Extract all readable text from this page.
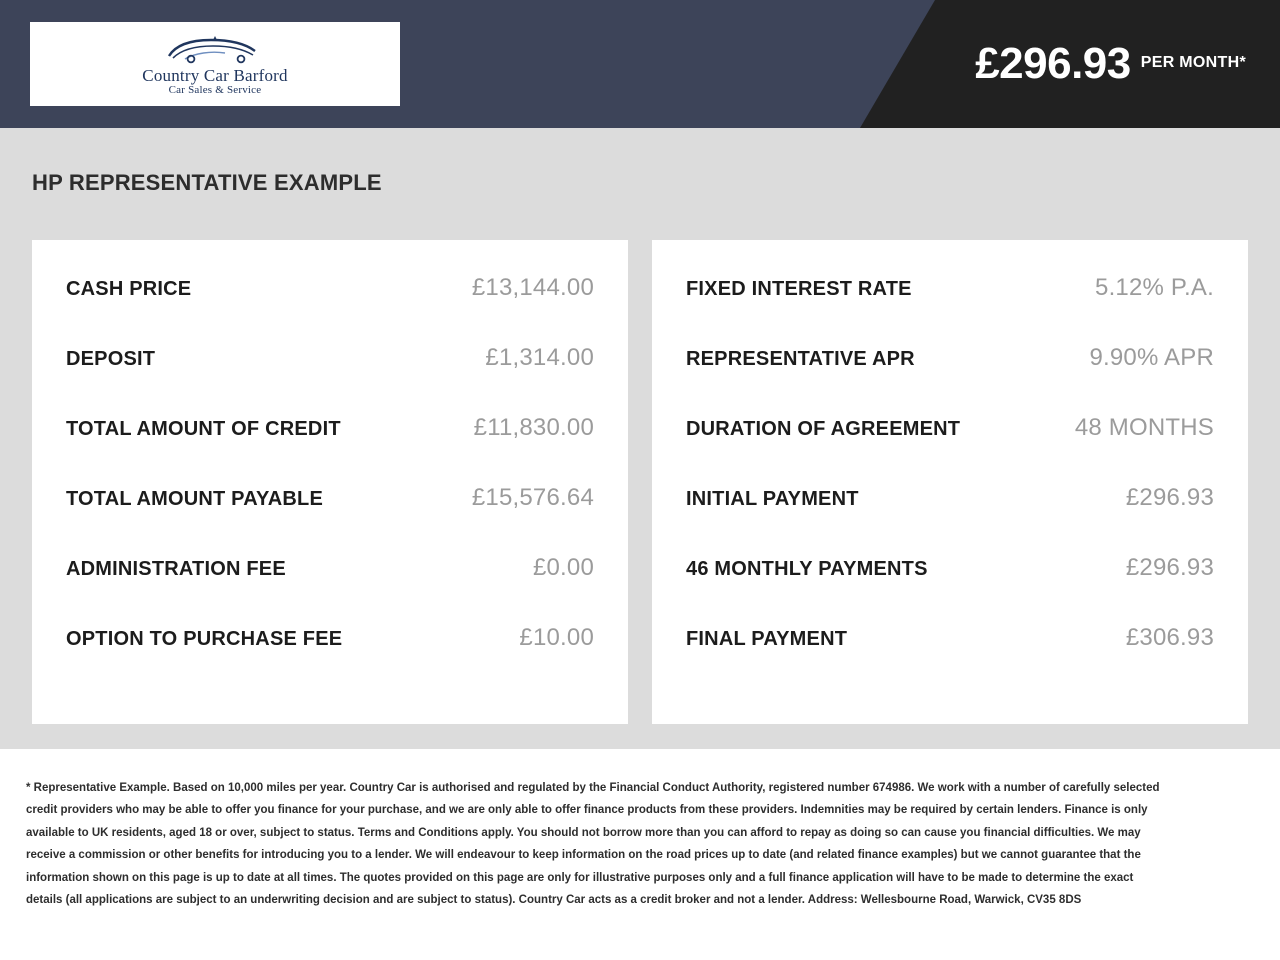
Country Car Barford
Car Sales & Service
£296.93 PER MONTH*
HP REPRESENTATIVE EXAMPLE
CASH PRICE	£13,144.00
DEPOSIT	£1,314.00
TOTAL AMOUNT OF CREDIT	£11,830.00
TOTAL AMOUNT PAYABLE	£15,576.64
ADMINISTRATION FEE	£0.00
OPTION TO PURCHASE FEE	£10.00
FIXED INTEREST RATE	5.12% P.A.
REPRESENTATIVE APR	9.90% APR
DURATION OF AGREEMENT	48 MONTHS
INITIAL PAYMENT	£296.93
46 MONTHLY PAYMENTS	£296.93
FINAL PAYMENT	£306.93

* Representative Example. Based on 10,000 miles per year. Country Car is authorised and regulated by the Financial Conduct Authority, registered number 674986. We work with a number of carefully selected credit providers who may be able to offer you finance for your purchase, and we are only able to offer finance products from these providers. Indemnities may be required by certain lenders. Finance is only available to UK residents, aged 18 or over, subject to status. Terms and Conditions apply. You should not borrow more than you can afford to repay as doing so can cause you financial difficulties. We may receive a commission or other benefits for introducing you to a lender. We will endeavour to keep information on the road prices up to date (and related finance examples) but we cannot guarantee that the information shown on this page is up to date at all times. The quotes provided on this page are only for illustrative purposes only and a full finance application will have to be made to determine the exact details (all applications are subject to an underwriting decision and are subject to status). Country Car acts as a credit broker and not a lender. Address: Wellesbourne Road, Warwick, CV35 8DS
